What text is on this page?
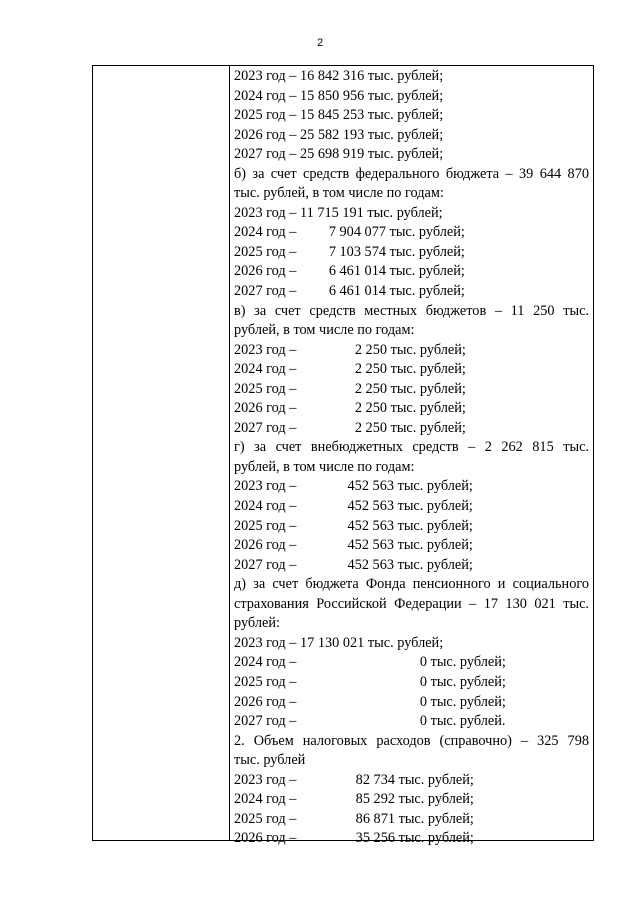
2
2023 год – 16 842 316 тыс. рублей;
2024 год – 15 850 956 тыс. рублей;
2025 год – 15 845 253 тыс. рублей;
2026 год – 25 582 193 тыс. рублей;
2027 год – 25 698 919 тыс. рублей;
б) за счет средств федерального бюджета – 39 644 870
тыс. рублей, в том числе по годам:
2023 год – 11 715 191 тыс. рублей;
2024 год – 7 904 077 тыс. рублей;
2025 год – 7 103 574 тыс. рублей;
2026 год – 6 461 014 тыс. рублей;
2027 год – 6 461 014 тыс. рублей;
в) за счет средств местных бюджетов – 11 250 тыс.
рублей, в том числе по годам:
2023 год –	2 250 тыс. рублей;
2024 год –	2 250 тыс. рублей;
2025 год –	2 250 тыс. рублей;
2026 год –	2 250 тыс. рублей;
2027 год –	2 250 тыс. рублей;
г) за счет внебюджетных средств – 2 262 815 тыс.
рублей, в том числе по годам:
2023 год –	452 563 тыс. рублей;
2024 год –	452 563 тыс. рублей;
2025 год –	452 563 тыс. рублей;
2026 год –	452 563 тыс. рублей;
2027 год –	452 563 тыс. рублей;
д) за счет бюджета Фонда пенсионного и социального
страхования Российской Федерации – 17 130 021 тыс.
рублей:
2023 год – 17 130 021 тыс. рублей;
2024 год –	0 тыс. рублей;
2025 год –	0 тыс. рублей;
2026 год –	0 тыс. рублей;
2027 год –	0 тыс. рублей.
2. Объем налоговых расходов (справочно) – 325 798
тыс. рублей
2023 год –	82 734 тыс. рублей;
2024 год –	85 292 тыс. рублей;
2025 год –	86 871 тыс. рублей;
2026 год –	35 256 тыс. рублей;
